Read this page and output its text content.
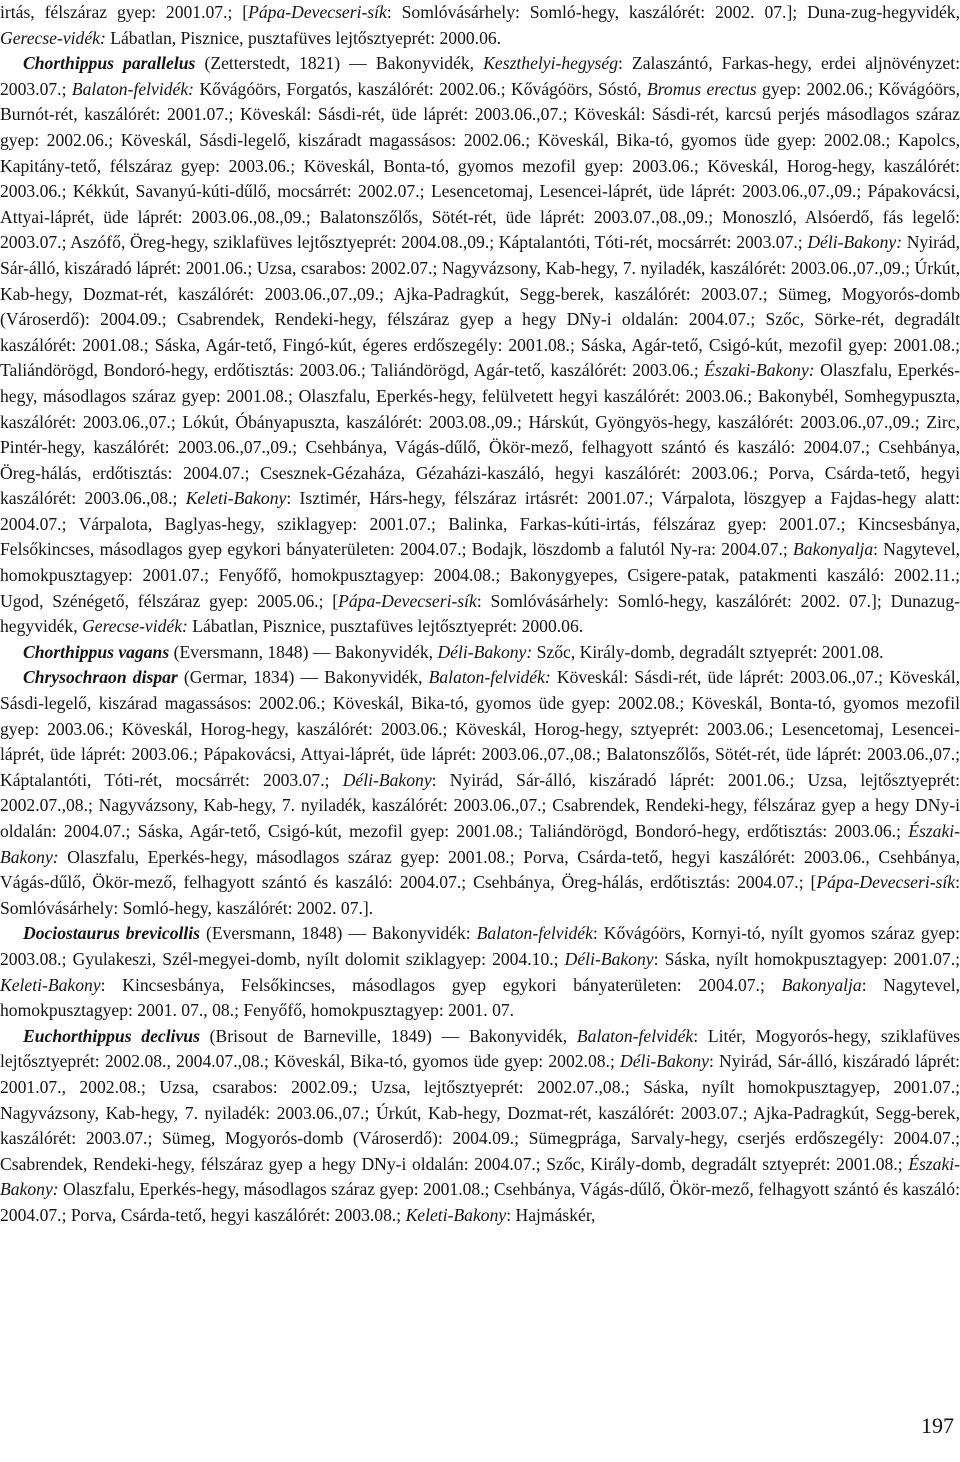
irtás, félszáraz gyep: 2001.07.; [Pápa-Devecseri-sík: Somlóvásárhely: Somló-hegy, kaszálórét: 2002. 07.]; Duna-zug-hegyvidék, Gerecse-vidék: Lábatlan, Pisznice, pusztafüves lejtősztyeprét: 2000.06.

Chorthippus parallelus (Zetterstedt, 1821) — Bakonyvidék, Keszthelyi-hegység: Zalaszántó, Farkas-hegy, erdei aljnövényzet: 2003.07.; Balaton-felvidék: Kővágóörs, Forgatós, kaszálórét: 2002.06.; Kővágóörs, Sóstó, Bromus erectus gyep: 2002.06.; Kővágóörs, Burnót-rét, kaszálórét: 2001.07.; Köveskál: Sásdi-rét, üde láprét: 2003.06.,07.; Köveskál: Sásdi-rét, karcsú perjés másodlagos száraz gyep: 2002.06.; Köveskál, Sásdi-legelő, kiszáradt magassásos: 2002.06.; Köveskál, Bika-tó, gyomos üde gyep: 2002.08.; Kapolcs, Kapitány-tető, félszáraz gyep: 2003.06.; Köveskál, Bonta-tó, gyomos mezofil gyep: 2003.06.; Köveskál, Horog-hegy, kaszálórét: 2003.06.; Kékkút, Savanyú-kúti-dűlő, mocsárrét: 2002.07.; Lesencetomaj, Lesencei-láprét, üde láprét: 2003.06.,07.,09.; Pápakovácsi, Attyai-láprét, üde láprét: 2003.06.,08.,09.; Balatonszőlős, Sötét-rét, üde láprét: 2003.07.,08.,09.; Monoszló, Alsóerdő, fás legelő: 2003.07.; Aszófő, Öreg-hegy, sziklafüves lejtősztyeprét: 2004.08.,09.; Káptalantóti, Tóti-rét, mocsárrét: 2003.07.; Déli-Bakony: Nyirád, Sár-álló, kiszáradó láprét: 2001.06.; Uzsa, csarabos: 2002.07.; Nagyvázsony, Kab-hegy, 7. nyiladék, kaszálórét: 2003.06.,07.,09.; Úrkút, Kab-hegy, Dozmat-rét, kaszálórét: 2003.06.,07.,09.; Ajka-Padragkút, Segg-berek, kaszálórét: 2003.07.; Sümeg, Mogyorós-domb (Városerdő): 2004.09.; Csabrendek, Rendeki-hegy, félszáraz gyep a hegy DNy-i oldalán: 2004.07.; Szőc, Sörke-rét, degradált kaszálórét: 2001.08.; Sáska, Agár-tető, Fingó-kút, égeres erdőszegély: 2001.08.; Sáska, Agár-tető, Csigó-kút, mezofil gyep: 2001.08.; Taliándörögd, Bondoró-hegy, erdőtisztás: 2003.06.; Taliándörögd, Agár-tető, kaszálórét: 2003.06.; Északi-Bakony: Olaszfalu, Eperkés-hegy, másodlagos száraz gyep: 2001.08.; Olaszfalu, Eperkés-hegy, felülvetett hegyi kaszálórét: 2003.06.; Bakonybél, Somhegypuszta, kaszálórét: 2003.06.,07.; Lókút, Óbányapuszta, kaszálórét: 2003.08.,09.; Hárskút, Gyöngyös-hegy, kaszálórét: 2003.06.,07.,09.; Zirc, Pintér-hegy, kaszálórét: 2003.06.,07.,09.; Csehbánya, Vágás-dűlő, Ökör-mező, felhagyott szántó és kaszáló: 2004.07.; Csehbánya, Öreg-hálás, erdőtisztás: 2004.07.; Csesznek-Gézaháza, Gézaházi-kaszáló, hegyi kaszálórét: 2003.06.; Porva, Csárda-tető, hegyi kaszálórét: 2003.06.,08.; Keleti-Bakony: Isztimér, Hárs-hegy, félszáraz irtásrét: 2001.07.; Várpalota, löszgyep a Fajdas-hegy alatt: 2004.07.; Várpalota, Baglyas-hegy, sziklagyep: 2001.07.; Balinka, Farkas-kúti-irtás, félszáraz gyep: 2001.07.; Kincsesbánya, Felsőkincses, másodlagos gyep egykori bányaterületen: 2004.07.; Bodajk, löszdomb a falutól Ny-ra: 2004.07.; Bakonyalja: Nagytevel, homokpusztagyep: 2001.07.; Fenyőfő, homokpusztagyep: 2004.08.; Bakonygyepes, Csigere-patak, patakmenti kaszáló: 2002.11.; Ugod, Szénégető, félszáraz gyep: 2005.06.; [Pápa-Devecseri-sík: Somlóvásárhely: Somló-hegy, kaszálórét: 2002. 07.]; Dunazug-hegyvidék, Gerecse-vidék: Lábatlan, Pisznice, pusztafüves lejtősztyeprét: 2000.06.

Chorthippus vagans (Eversmann, 1848) — Bakonyvidék, Déli-Bakony: Szőc, Király-domb, degradált sztyeprét: 2001.08.

Chrysochraon dispar (Germar, 1834) — Bakonyvidék, Balaton-felvidék: Köveskál: Sásdi-rét, üde láprét: 2003.06.,07.; Köveskál, Sásdi-legelő, kiszárad magassásos: 2002.06.; Köveskál, Bika-tó, gyomos üde gyep: 2002.08.; Köveskál, Bonta-tó, gyomos mezofil gyep: 2003.06.; Köveskál, Horog-hegy, kaszálórét: 2003.06.; Köveskál, Horog-hegy, sztyeprét: 2003.06.; Lesencetomaj, Lesencei-láprét, üde láprét: 2003.06.; Pápakovácsi, Attyai-láprét, üde láprét: 2003.06.,07.,08.; Balatonszőlős, Sötét-rét, üde láprét: 2003.06.,07.; Káptalantóti, Tóti-rét, mocsárrét: 2003.07.; Déli-Bakony: Nyirád, Sár-álló, kiszáradó láprét: 2001.06.; Uzsa, lejtősztyeprét: 2002.07.,08.; Nagyvázsony, Kab-hegy, 7. nyiladék, kaszálórét: 2003.06.,07.; Csabrendek, Rendeki-hegy, félszáraz gyep a hegy DNy-i oldalán: 2004.07.; Sáska, Agár-tető, Csigó-kút, mezofil gyep: 2001.08.; Taliándörögd, Bondoró-hegy, erdőtisztás: 2003.06.; Északi-Bakony: Olaszfalu, Eperkés-hegy, másodlagos száraz gyep: 2001.08.; Porva, Csárda-tető, hegyi kaszálórét: 2003.06., Csehbánya, Vágás-dűlő, Ökör-mező, felhagyott szántó és kaszáló: 2004.07.; Csehbánya, Öreg-hálás, erdőtisztás: 2004.07.; [Pápa-Devecseri-sík: Somlóvásárhely: Somló-hegy, kaszálórét: 2002. 07.].

Dociostaurus brevicollis (Eversmann, 1848) — Bakonyvidék: Balaton-felvidék: Kővágóörs, Kornyi-tó, nyílt gyomos száraz gyep: 2003.08.; Gyulakeszi, Szél-megyei-domb, nyílt dolomit sziklagyep: 2004.10.; Déli-Bakony: Sáska, nyílt homokpusztagyep: 2001.07.; Keleti-Bakony: Kincsesbánya, Felsőkincses, másodlagos gyep egykori bányaterületen: 2004.07.; Bakonyalja: Nagytevel, homokpusztagyep: 2001. 07., 08.; Fenyőfő, homokpusztagyep: 2001. 07.

Euchorthippus declivus (Brisout de Barneville, 1849) — Bakonyvidék, Balaton-felvidék: Litér, Mogyorós-hegy, sziklafüves lejtősztyeprét: 2002.08., 2004.07.,08.; Köveskál, Bika-tó, gyomos üde gyep: 2002.08.; Déli-Bakony: Nyirád, Sár-álló, kiszáradó láprét: 2001.07., 2002.08.; Uzsa, csarabos: 2002.09.; Uzsa, lejtősztyeprét: 2002.07.,08.; Sáska, nyílt homokpusztagyep, 2001.07.; Nagyvázsony, Kab-hegy, 7. nyiladék: 2003.06.,07.; Úrkút, Kab-hegy, Dozmat-rét, kaszálórét: 2003.07.; Ajka-Padragkút, Segg-berek, kaszálórét: 2003.07.; Sümeg, Mogyorós-domb (Városerdő): 2004.09.; Sümegprága, Sarvaly-hegy, cserjés erdőszegély: 2004.07.; Csabrendek, Rendeki-hegy, félszáraz gyep a hegy DNy-i oldalán: 2004.07.; Szőc, Király-domb, degradált sztyeprét: 2001.08.; Északi-Bakony: Olaszfalu, Eperkés-hegy, másodlagos száraz gyep: 2001.08.; Csehbánya, Vágás-dűlő, Ökör-mező, felhagyott szántó és kaszáló: 2004.07.; Porva, Csárda-tető, hegyi kaszálórét: 2003.08.; Keleti-Bakony: Hajmáskér,

197
